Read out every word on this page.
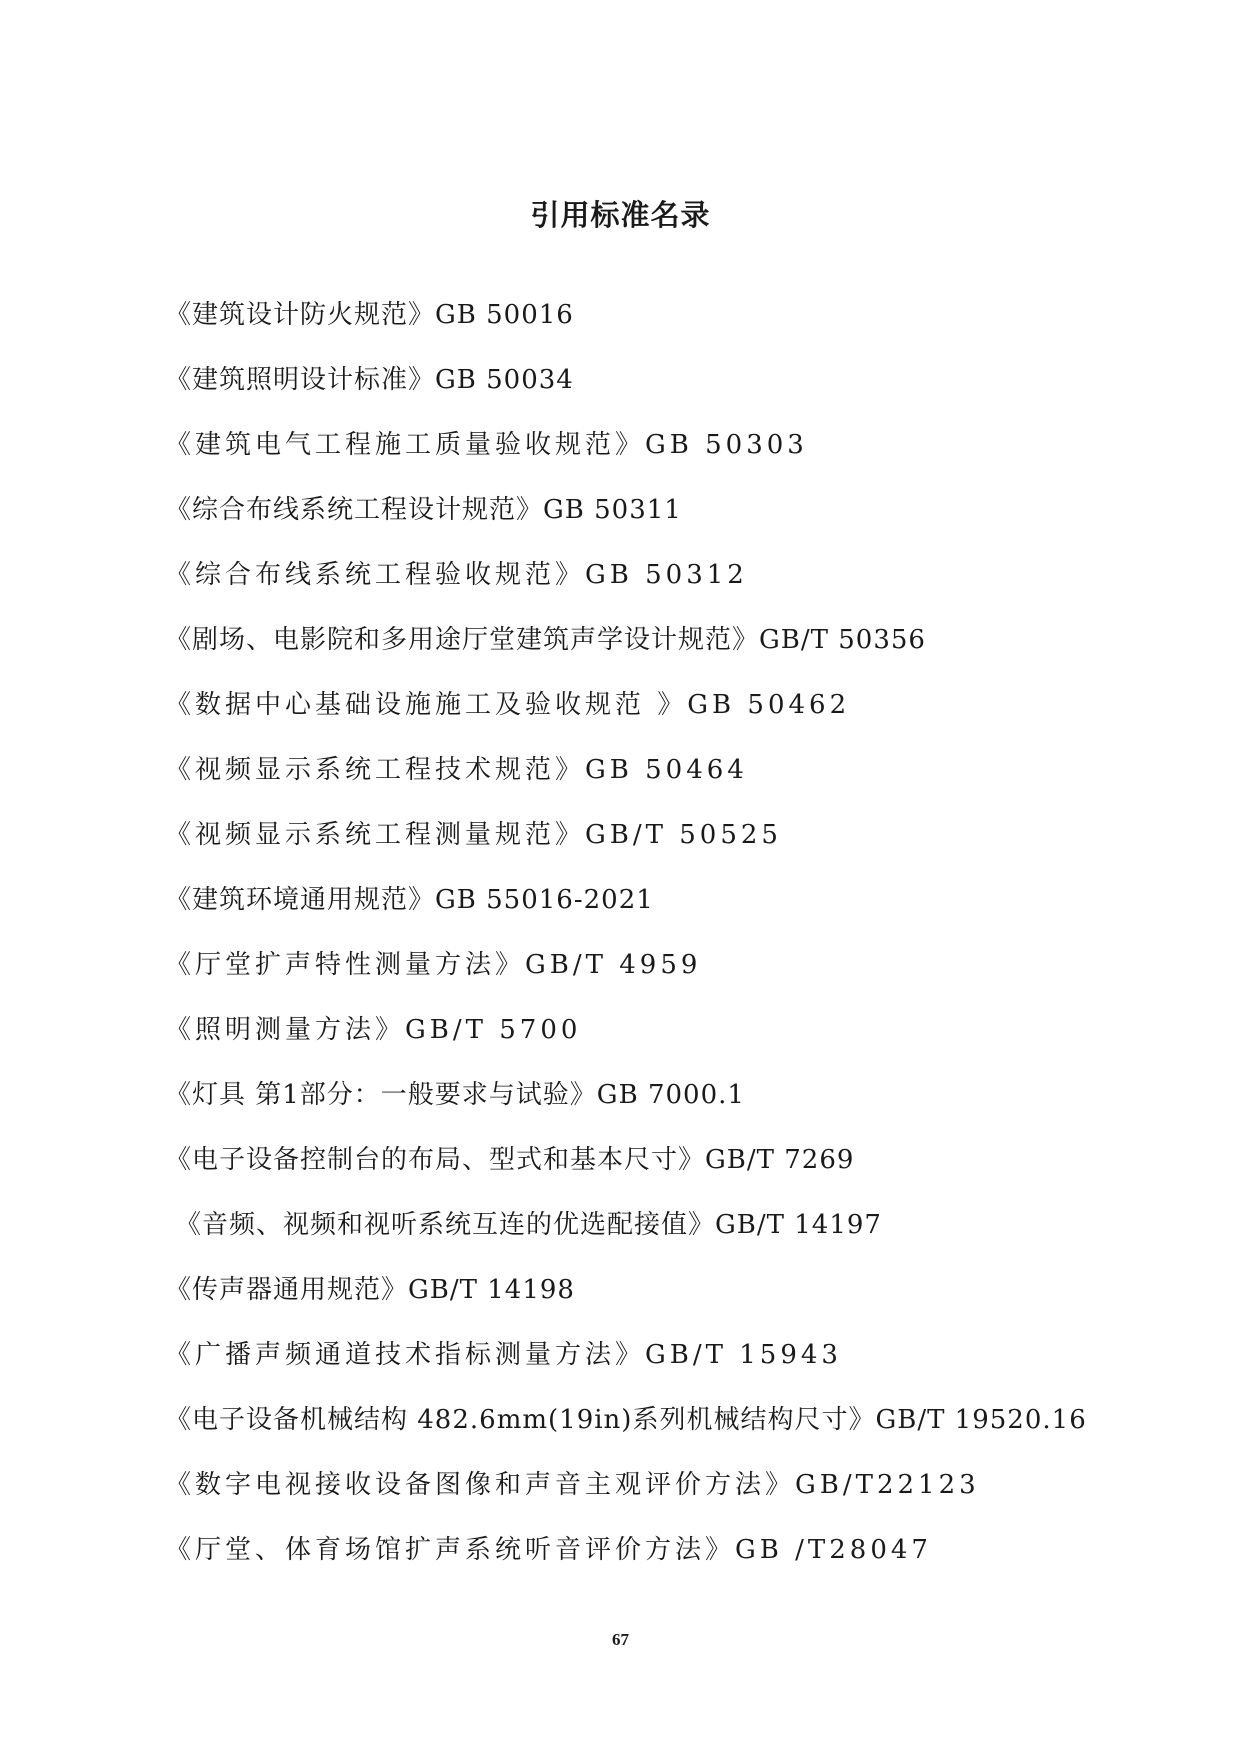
引用标准名录
《建筑设计防火规范》GB 50016
《建筑照明设计标准》GB 50034
《建筑电气工程施工质量验收规范》GB 50303
《综合布线系统工程设计规范》GB 50311
《综合布线系统工程验收规范》GB 50312
《剧场、电影院和多用途厅堂建筑声学设计规范》GB/T 50356
《数据中心基础设施施工及验收规范 》GB 50462
《视频显示系统工程技术规范》GB 50464
《视频显示系统工程测量规范》GB/T 50525
《建筑环境通用规范》GB 55016-2021
《厅堂扩声特性测量方法》GB/T 4959
《照明测量方法》GB/T 5700
《灯具 第1部分：一般要求与试验》GB 7000.1
《电子设备控制台的布局、型式和基本尺寸》GB/T 7269
《音频、视频和视听系统互连的优选配接值》GB/T 14197
《传声器通用规范》GB/T 14198
《广播声频通道技术指标测量方法》GB/T 15943
《电子设备机械结构 482.6mm(19in)系列机械结构尺寸》GB/T 19520.16
《数字电视接收设备图像和声音主观评价方法》GB/T22123
《厅堂、体育场馆扩声系统听音评价方法》GB /T28047
67
